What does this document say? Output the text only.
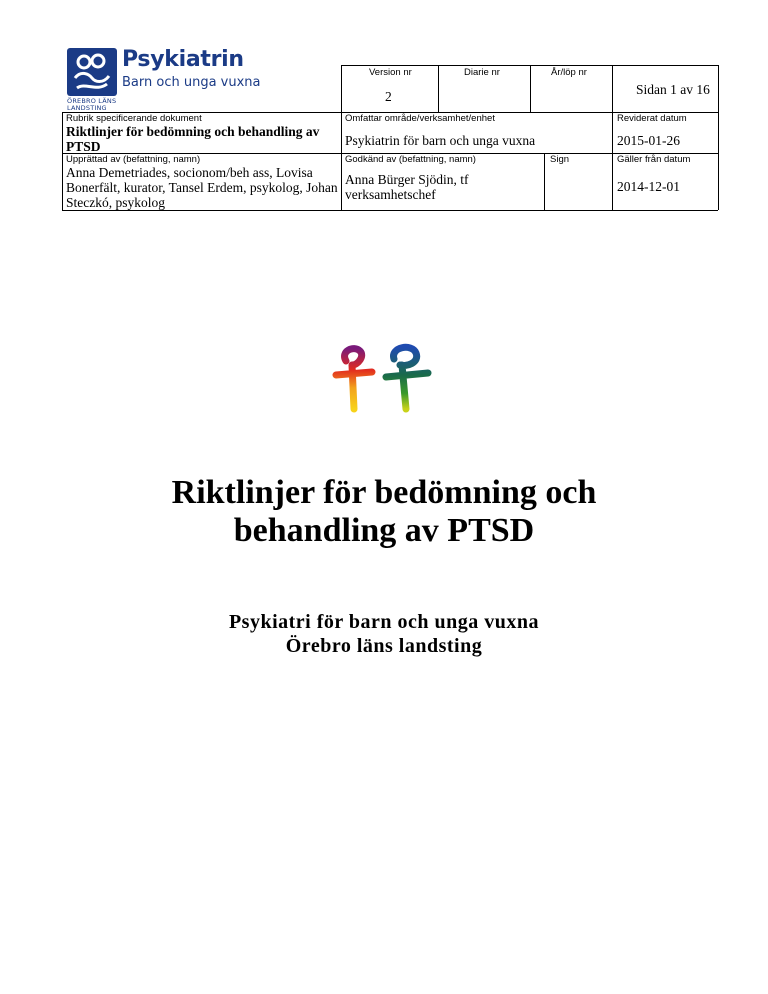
Psykiatrin
Barn och unga vuxna
ÖREBRO LÄNS
LANDSTING
Version nr
2
Diarie nr	År/löp nr
Sidan 1 av 16
Rubrik specificerande dokument
Riktlinjer för bedömning och behandling av PTSD
Omfattar område/verksamhet/enhet
Psykiatrin för barn och unga vuxna
Reviderat datum
2015-01-26
Upprättad av (befattning, namn)
Anna Demetriades, socionom/beh ass, Lovisa Bonerfält, kurator, Tansel Erdem, psykolog, Johan Steczkó, psykolog
Godkänd av (befattning, namn)
Anna Bürger Sjödin, tf verksamhetschef
Sign	Gäller från datum
2014-12-01
Riktlinjer för bedömning och
behandling av PTSD
Psykiatri för barn och unga vuxna
Örebro läns landsting
